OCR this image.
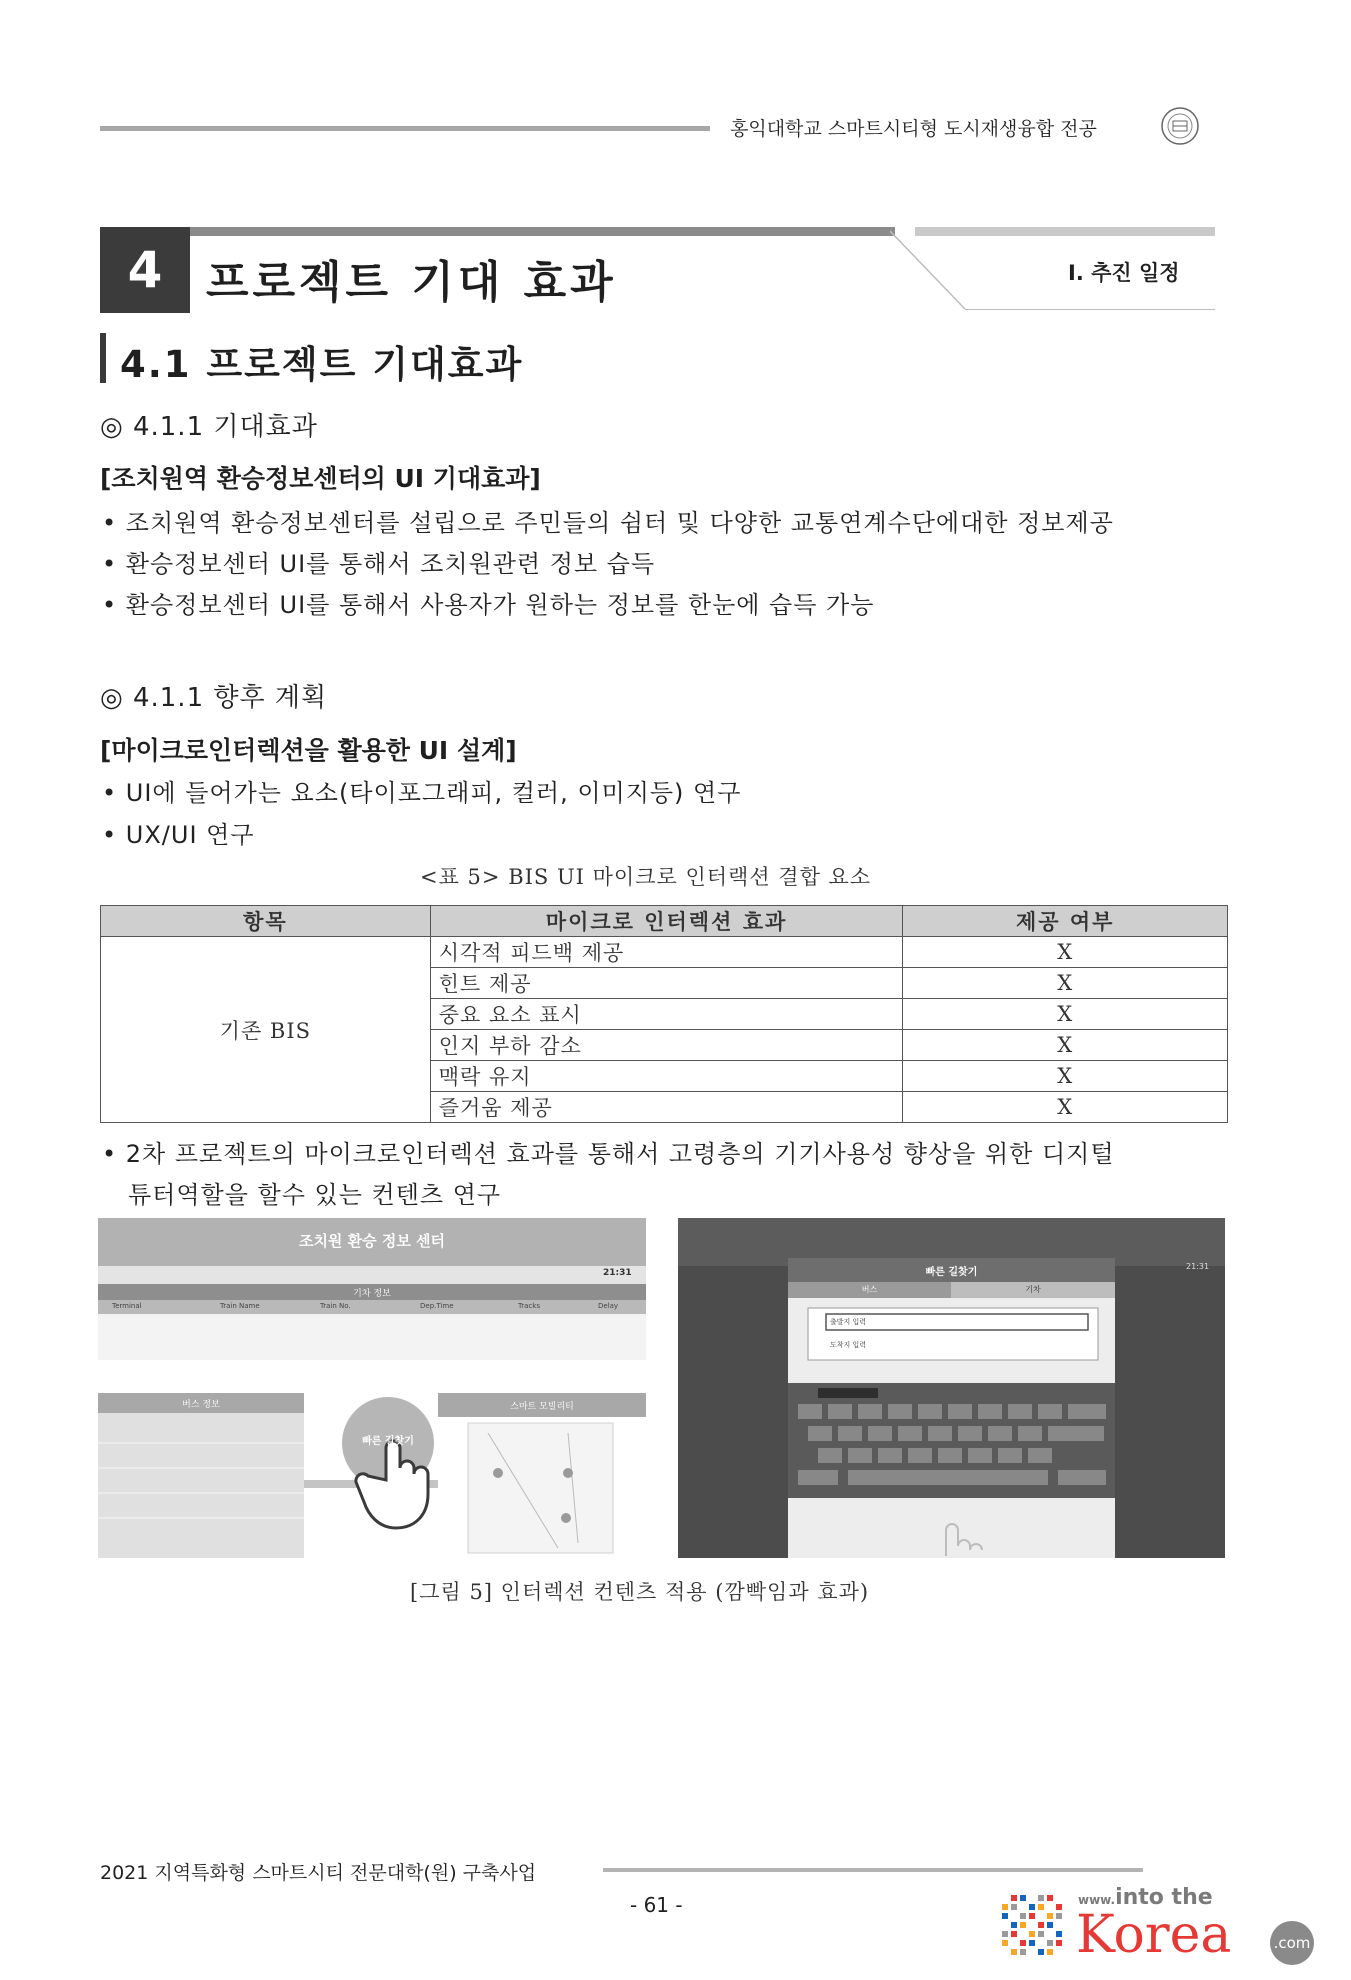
홍익대학교 스마트시티형 도시재생융합 전공
4 프로젝트 기대 효과	Ⅰ. 추진 일정
4.1 프로젝트 기대효과
◎ 4.1.1 기대효과
[조치원역 환승정보센터의 UI 기대효과]
• 조치원역 환승정보센터를 설립으로 주민들의 쉼터 및 다양한 교통연계수단에대한 정보제공
• 환승정보센터 UI를 통해서 조치원관련 정보 습득
• 환승정보센터 UI를 통해서 사용자가 원하는 정보를 한눈에 습득 가능
◎ 4.1.1 향후 계획
[마이크로인터렉션을 활용한 UI 설계]
• UI에 들어가는 요소(타이포그래피, 컬러, 이미지등) 연구
• UX/UI 연구
<표 5> BIS UI 마이크로 인터랙션 결합 요소
항목	마이크로 인터렉션 효과	제공 여부
기존 BIS	시각적 피드백 제공	X
	힌트 제공	X
	중요 요소 표시	X
	인지 부하 감소	X
	맥락 유지	X
	즐거움 제공	X
• 2차 프로젝트의 마이크로인터렉션 효과를 통해서 고령층의 기기사용성 향상을 위한 디지털
튜터역할을 할수 있는 컨텐츠 연구
조치원 환승 정보 센터
21:31
기차 정보
Terminal	Train Name	Train No.	Dep.Time	Tracks	Delay
버스 정보	스마트 모빌리티
빠른 길찾기
빠른 길찾기
버스	기차
출발지 입력
도착지 입력
21:31
[그림 5] 인터렉션 컨텐츠 적용 (깜빡임과 효과)
2021 지역특화형 스마트시티 전문대학(원) 구축사업
- 61 -	www.into the
Korea	.com
